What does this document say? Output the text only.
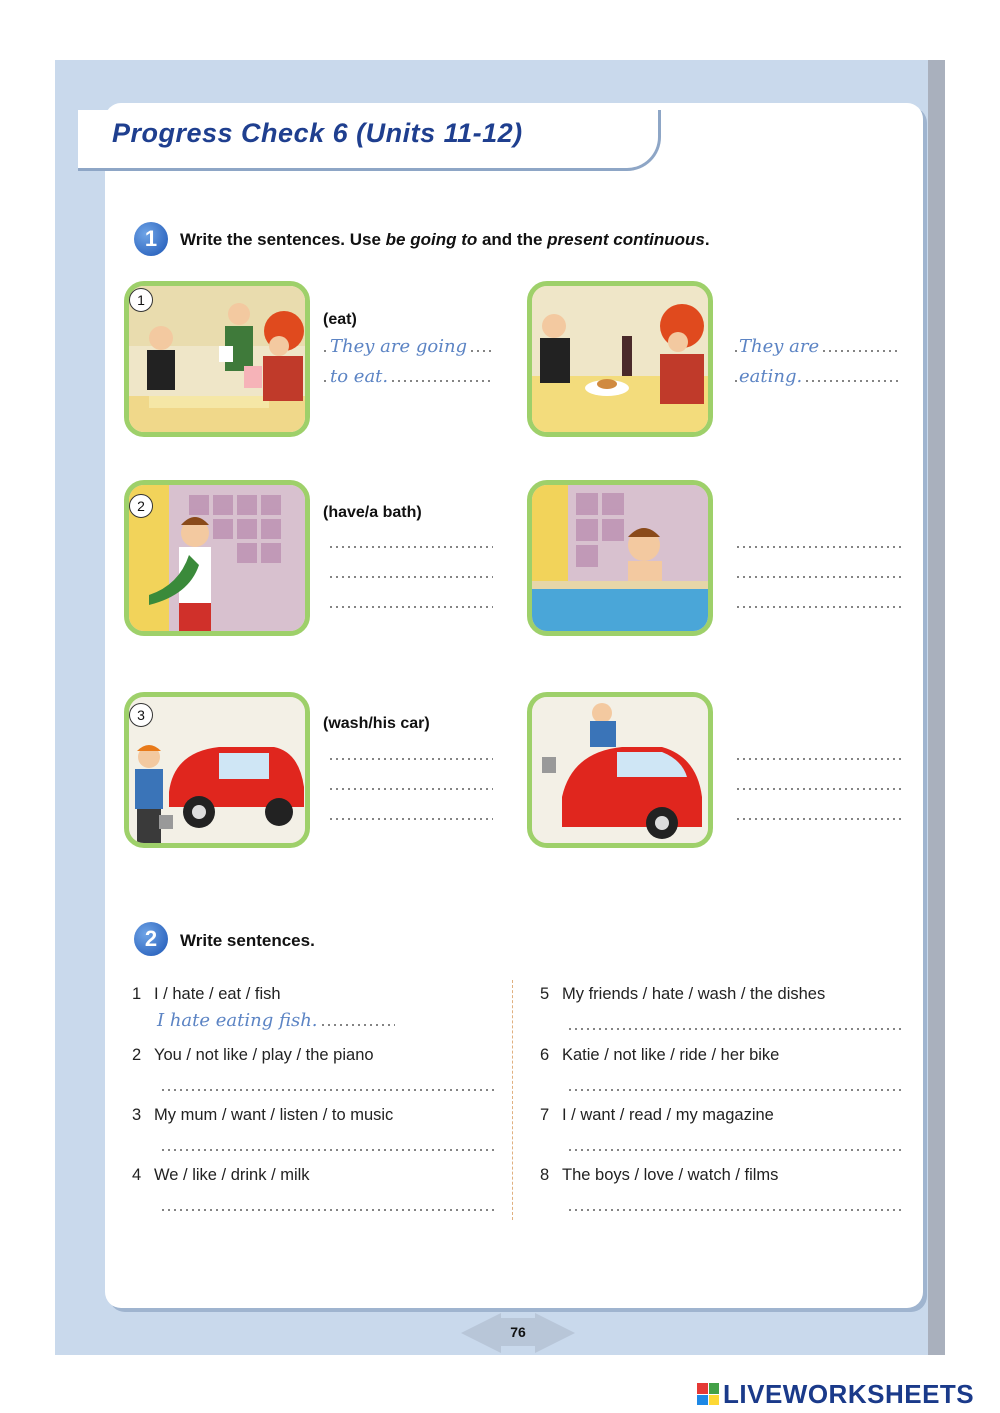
Progress Check 6 (Units 11-12)
1	Write the sentences. Use be going to and the present continuous.
1
(eat)
They are going
to eat.
They are
eating.
2	(have/a bath)
3	(wash/his car)
2	Write sentences.
1 I / hate / eat / fish
I hate eating fish.
2 You / not like / play / the piano
3 My mum / want / listen / to music
4 We / like / drink / milk
5 My friends / hate / wash / the dishes
6 Katie / not like / ride / her bike
7 I / want / read / my magazine
8 The boys / love / watch / films
76
LIVEWORKSHEETS
